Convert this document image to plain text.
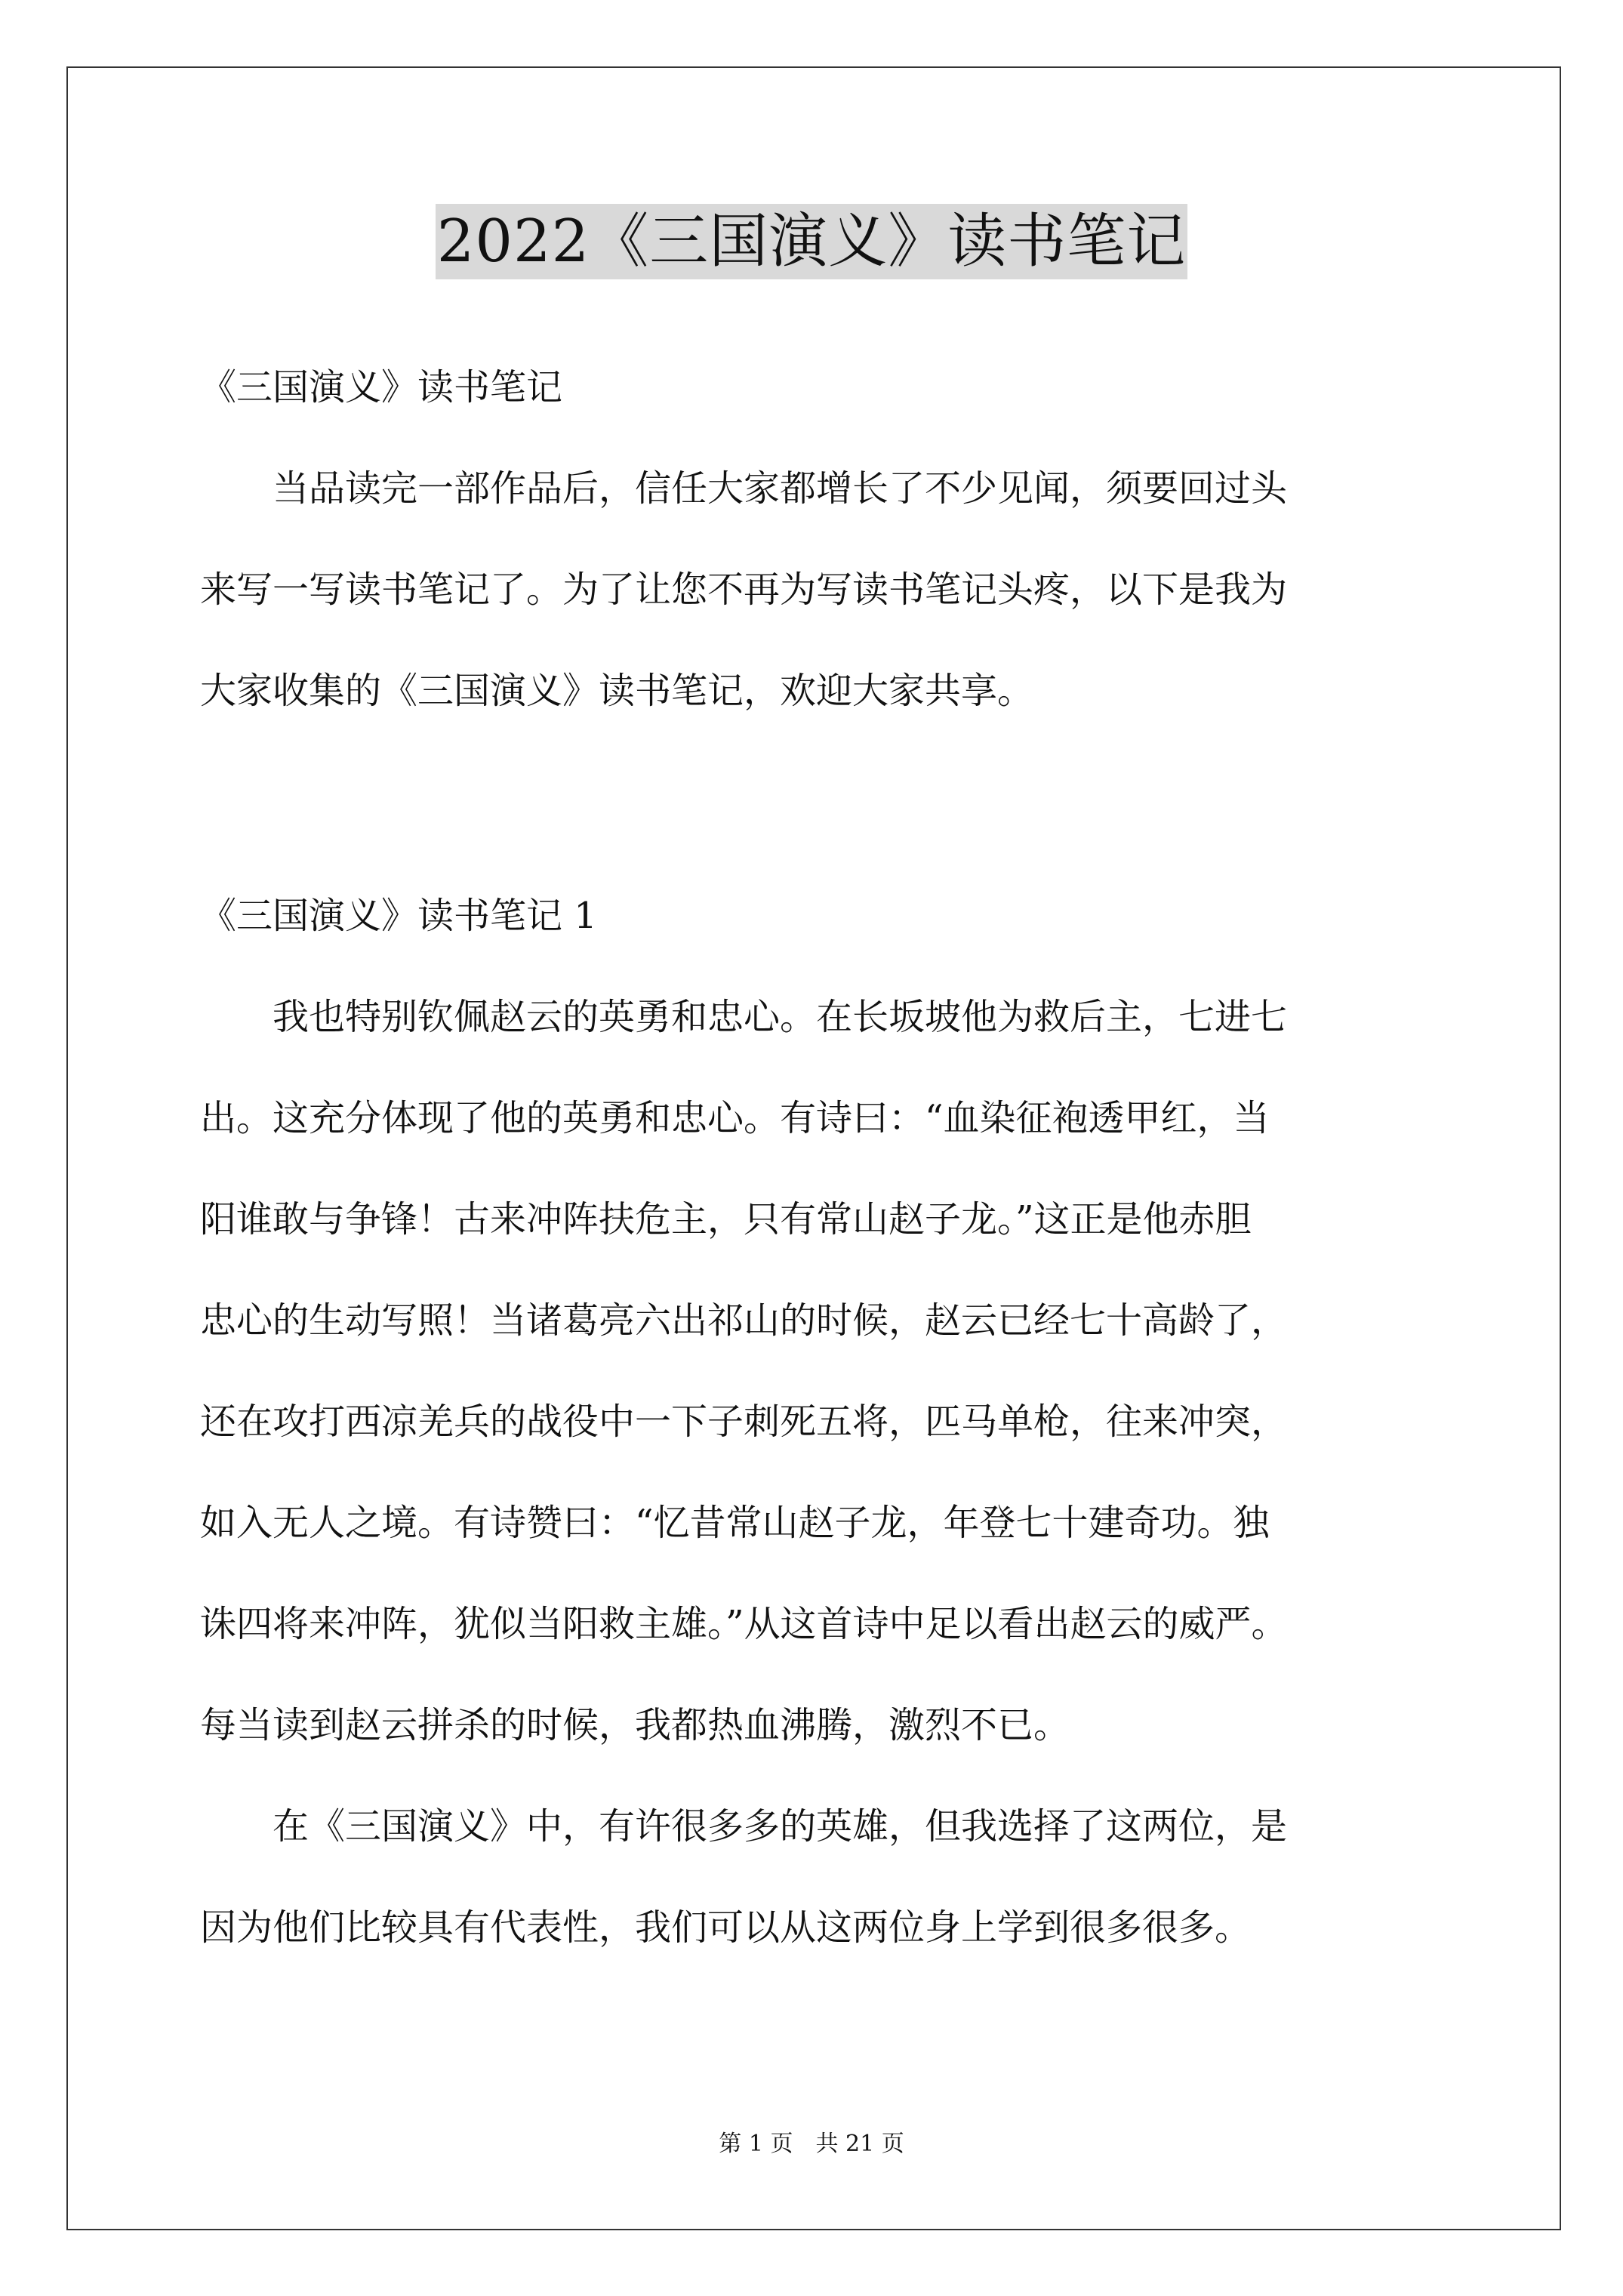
2022《三国演义》读书笔记
《三国演义》读书笔记
　　当品读完一部作品后，信任大家都增长了不少见闻，须要回过头
来写一写读书笔记了。为了让您不再为写读书笔记头疼，以下是我为
大家收集的《三国演义》读书笔记，欢迎大家共享。
《三国演义》读书笔记 1
　　我也特别钦佩赵云的英勇和忠心。在长坂坡他为救后主，七进七
出。这充分体现了他的英勇和忠心。有诗曰：“血染征袍透甲红，当
阳谁敢与争锋！古来冲阵扶危主，只有常山赵子龙。”这正是他赤胆
忠心的生动写照！当诸葛亮六出祁山的时候，赵云已经七十高龄了，
还在攻打西凉羌兵的战役中一下子刺死五将，匹马单枪，往来冲突，
如入无人之境。有诗赞曰：“忆昔常山赵子龙，年登七十建奇功。独
诛四将来冲阵，犹似当阳救主雄。”从这首诗中足以看出赵云的威严。
每当读到赵云拼杀的时候，我都热血沸腾，激烈不已。
　　在《三国演义》中，有许很多多的英雄，但我选择了这两位，是
因为他们比较具有代表性，我们可以从这两位身上学到很多很多。
第 1 页　共 21 页
